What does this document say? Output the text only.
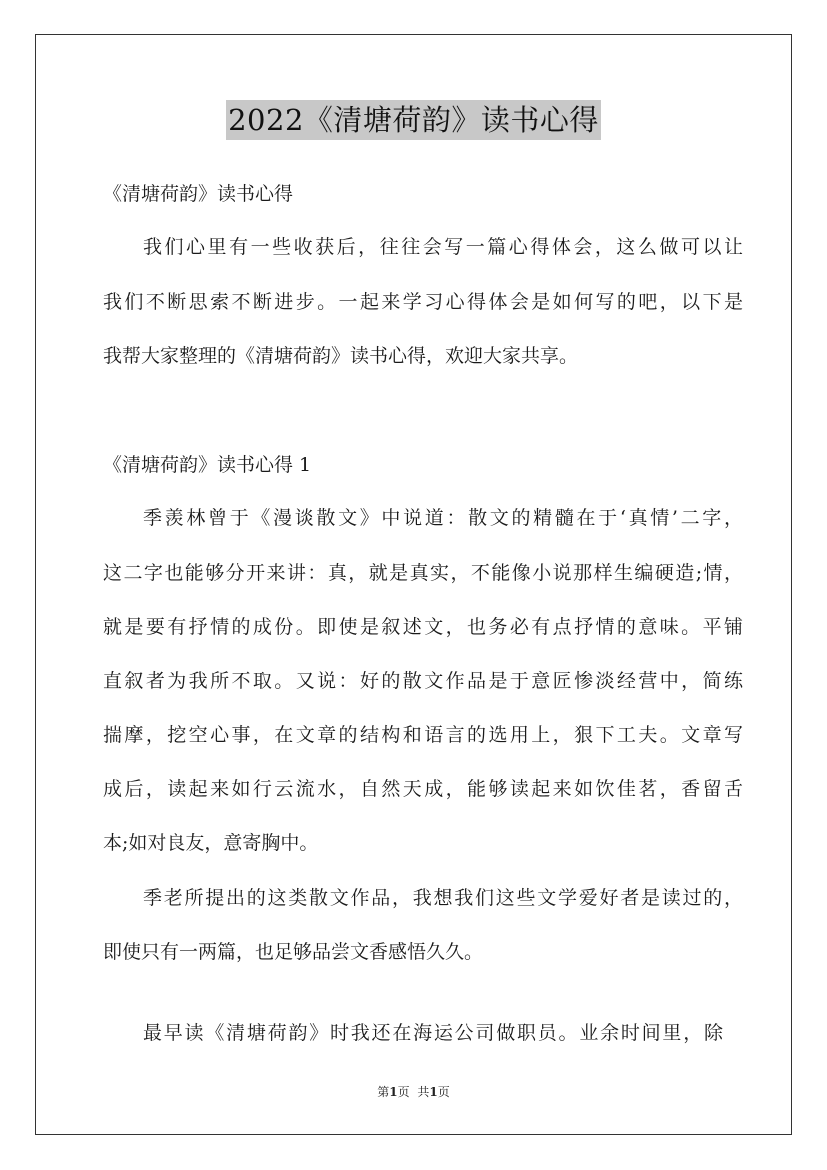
2022《清塘荷韵》读书心得
《清塘荷韵》读书心得
我们心里有一些收获后，往往会写一篇心得体会，这么做可以让
我们不断思索不断进步。一起来学习心得体会是如何写的吧，以下是
我帮大家整理的《清塘荷韵》读书心得，欢迎大家共享。
《清塘荷韵》读书心得 1
季羡林曾于《漫谈散文》中说道：散文的精髓在于‘真情’二字，
这二字也能够分开来讲：真，就是真实，不能像小说那样生编硬造;情，
就是要有抒情的成份。即使是叙述文，也务必有点抒情的意味。平铺
直叙者为我所不取。又说：好的散文作品是于意匠惨淡经营中，简练
揣摩，挖空心事，在文章的结构和语言的选用上，狠下工夫。文章写
成后，读起来如行云流水，自然天成，能够读起来如饮佳茗，香留舌
本;如对良友，意寄胸中。
季老所提出的这类散文作品，我想我们这些文学爱好者是读过的，
即使只有一两篇，也足够品尝文香感悟久久。
最早读《清塘荷韵》时我还在海运公司做职员。业余时间里，除
第1页 共1页
